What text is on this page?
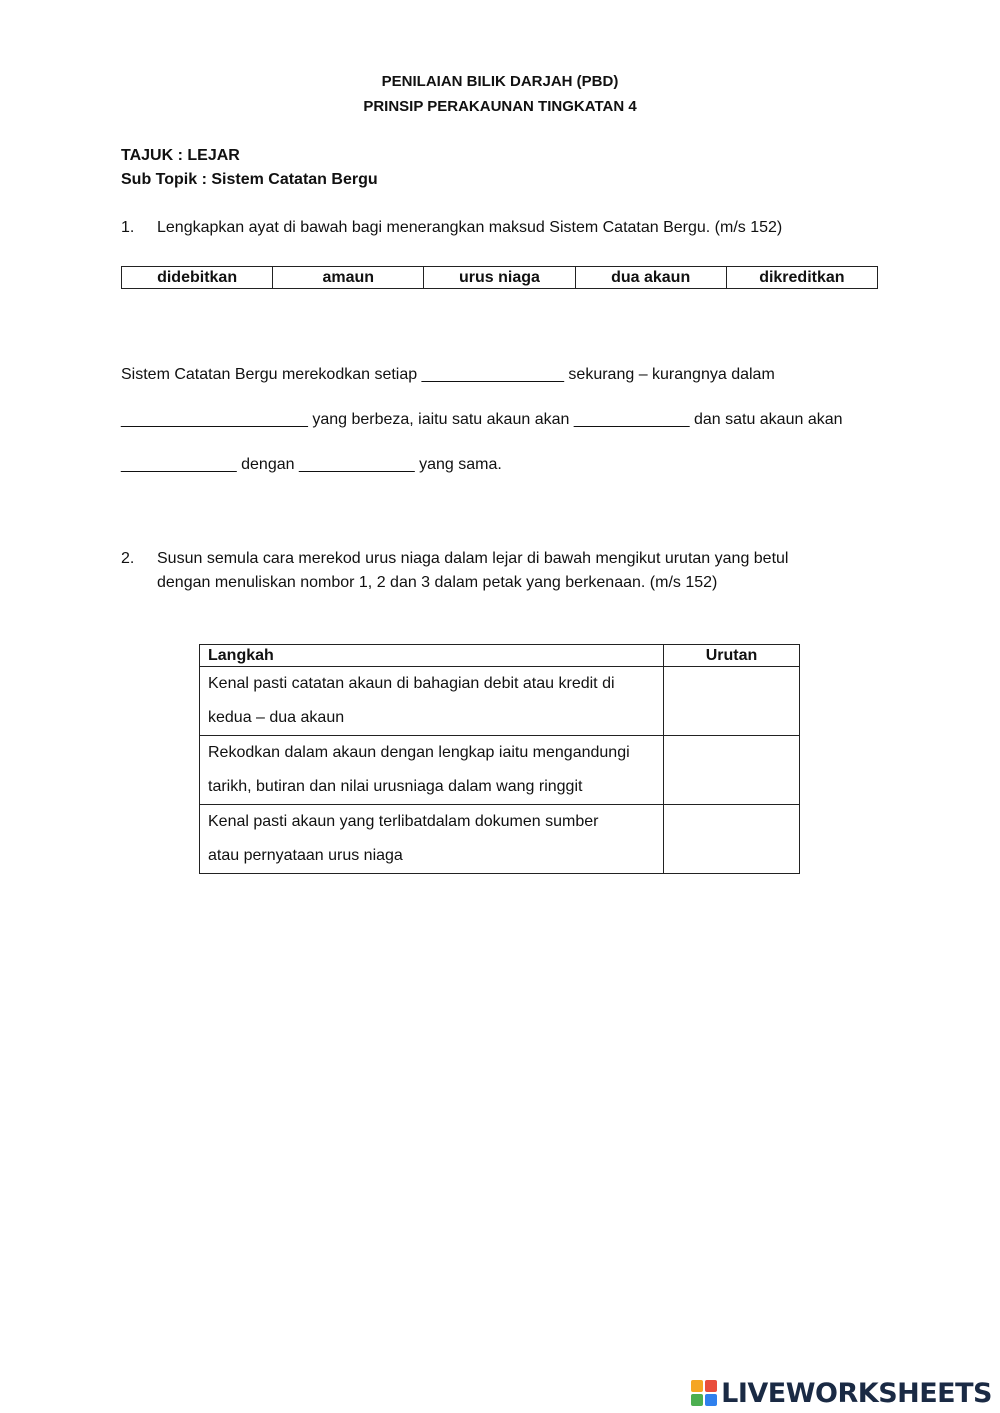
PENILAIAN BILIK DARJAH (PBD)
PRINSIP PERAKAUNAN TINGKATAN 4
TAJUK : LEJAR
Sub Topik : Sistem Catatan Bergu
1. Lengkapkan ayat di bawah bagi menerangkan maksud Sistem Catatan Bergu. (m/s 152)
didebitkan	amaun	urus niaga	dua akaun	dikreditkan
Sistem Catatan Bergu merekodkan setiap ________________ sekurang – kurangnya dalam
_____________________ yang berbeza, iaitu satu akaun akan _____________ dan satu akaun akan
_____________ dengan _____________ yang sama.
2. Susun semula cara merekod urus niaga dalam lejar di bawah mengikut urutan yang betul
dengan menuliskan nombor 1, 2 dan 3 dalam petak yang berkenaan. (m/s 152)
Langkah	Urutan

Kenal pasti catatan akaun di bahagian debit atau kredit di
kedua – dua akaun	

Rekodkan dalam akaun dengan lengkap iaitu mengandungi
tarikh, butiran dan nilai urusniaga dalam wang ringgit	

Kenal pasti akaun yang terlibatdalam dokumen sumber
atau pernyataan urus niaga	

LIVEWORKSHEETS
